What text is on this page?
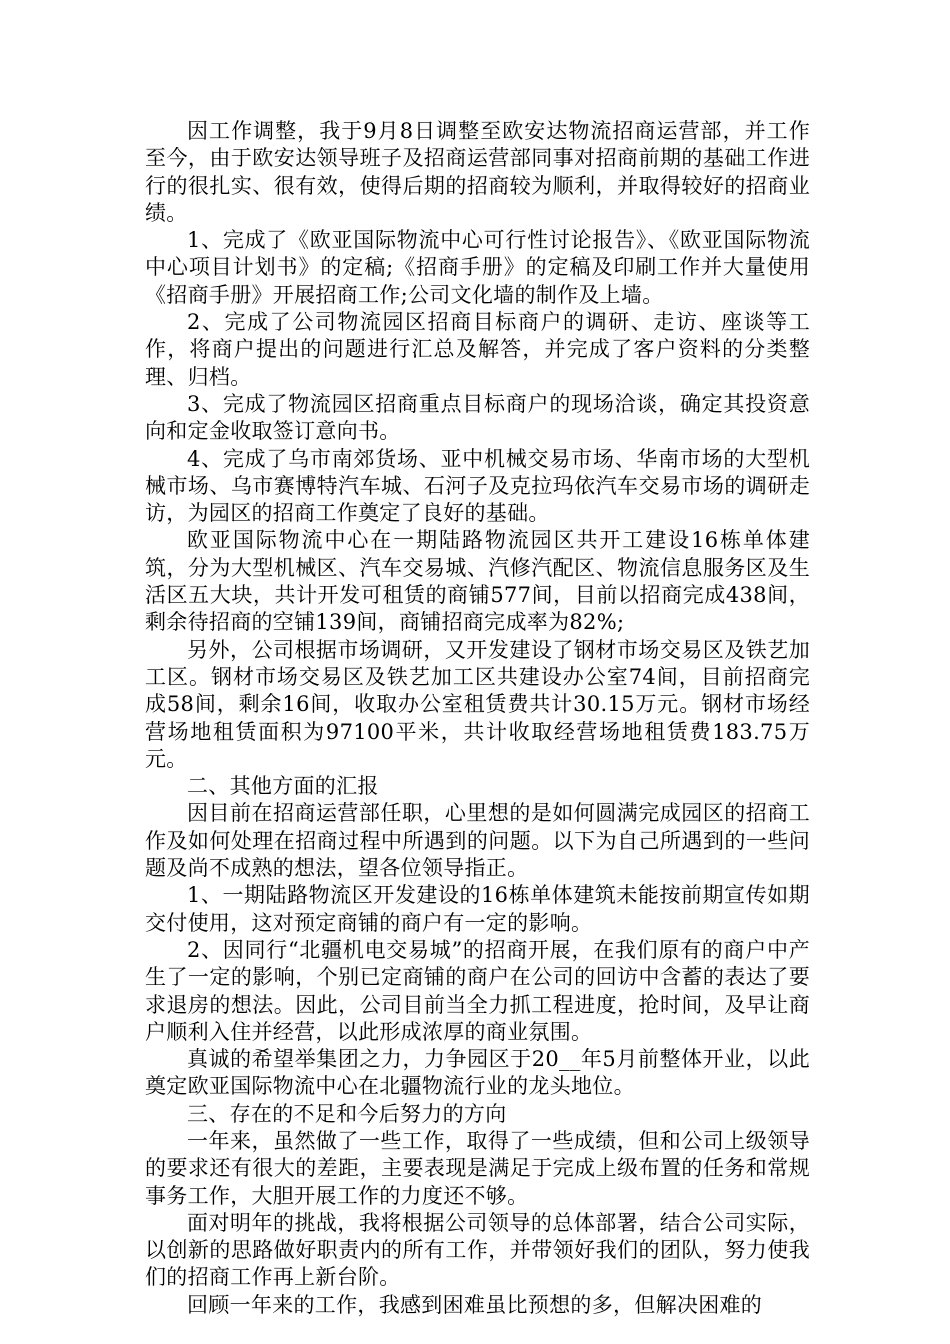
因工作调整，我于9月8日调整至欧安达物流招商运营部，并工作至今，由于欧安达领导班子及招商运营部同事对招商前期的基础工作进行的很扎实、很有效，使得后期的招商较为顺利，并取得较好的招商业绩。

1、完成了《欧亚国际物流中心可行性讨论报告》、《欧亚国际物流中心项目计划书》的定稿;《招商手册》的定稿及印刷工作并大量使用《招商手册》开展招商工作;公司文化墙的制作及上墙。

2、完成了公司物流园区招商目标商户的调研、走访、座谈等工作，将商户提出的问题进行汇总及解答，并完成了客户资料的分类整理、归档。

3、完成了物流园区招商重点目标商户的现场洽谈，确定其投资意向和定金收取签订意向书。

4、完成了乌市南郊货场、亚中机械交易市场、华南市场的大型机械市场、乌市赛博特汽车城、石河子及克拉玛依汽车交易市场的调研走访，为园区的招商工作奠定了良好的基础。

欧亚国际物流中心在一期陆路物流园区共开工建设16栋单体建筑，分为大型机械区、汽车交易城、汽修汽配区、物流信息服务区及生活区五大块，共计开发可租赁的商铺577间，目前以招商完成438间，剩余待招商的空铺139间，商铺招商完成率为82%;

另外，公司根据市场调研，又开发建设了钢材市场交易区及铁艺加工区。钢材市场交易区及铁艺加工区共建设办公室74间，目前招商完成58间，剩余16间，收取办公室租赁费共计30.15万元。钢材市场经营场地租赁面积为97100平米，共计收取经营场地租赁费183.75万元。

二、其他方面的汇报

因目前在招商运营部任职，心里想的是如何圆满完成园区的招商工作及如何处理在招商过程中所遇到的问题。以下为自己所遇到的一些问题及尚不成熟的想法，望各位领导指正。

1、一期陆路物流区开发建设的16栋单体建筑未能按前期宣传如期交付使用，这对预定商铺的商户有一定的影响。

2、因同行“北疆机电交易城”的招商开展，在我们原有的商户中产生了一定的影响，个别已定商铺的商户在公司的回访中含蓄的表达了要求退房的想法。因此，公司目前当全力抓工程进度，抢时间，及早让商户顺利入住并经营，以此形成浓厚的商业氛围。

真诚的希望举集团之力，力争园区于20__年5月前整体开业，以此奠定欧亚国际物流中心在北疆物流行业的龙头地位。

三、存在的不足和今后努力的方向

一年来，虽然做了一些工作，取得了一些成绩，但和公司上级领导的要求还有很大的差距，主要表现是满足于完成上级布置的任务和常规事务工作，大胆开展工作的力度还不够。

面对明年的挑战，我将根据公司领导的总体部署，结合公司实际，以创新的思路做好职责内的所有工作，并带领好我们的团队，努力使我们的招商工作再上新台阶。

回顾一年来的工作，我感到困难虽比预想的多，但解决困难的
